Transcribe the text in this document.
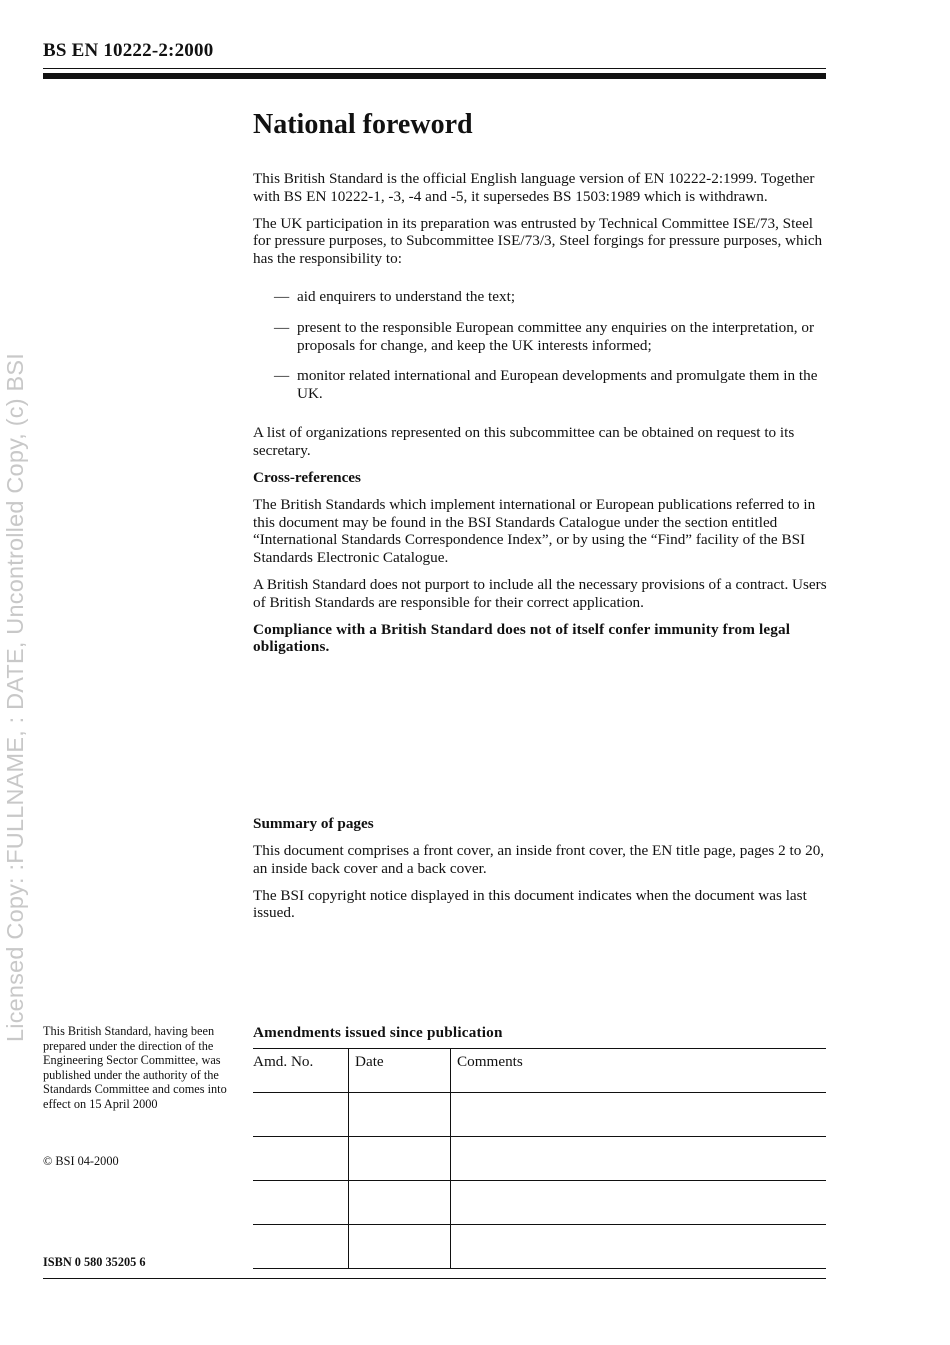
Licensed Copy: :FULLNAME, : DATE, Uncontrolled Copy, (c) BSI
BS EN 10222-2:2000
National foreword

This British Standard is the official English language version of EN 10222-2:1999. Together with BS EN 10222-1, -3, -4 and -5, it supersedes BS 1503:1989 which is withdrawn.

The UK participation in its preparation was entrusted by Technical Committee ISE/73, Steel for pressure purposes, to Subcommittee ISE/73/3, Steel forgings for pressure purposes, which has the responsibility to:

— aid enquirers to understand the text;
— present to the responsible European committee any enquiries on the interpretation, or proposals for change, and keep the UK interests informed;
— monitor related international and European developments and promulgate them in the UK.

A list of organizations represented on this subcommittee can be obtained on request to its secretary.

Cross-references

The British Standards which implement international or European publications referred to in this document may be found in the BSI Standards Catalogue under the section entitled “International Standards Correspondence Index”, or by using the “Find” facility of the BSI Standards Electronic Catalogue.

A British Standard does not purport to include all the necessary provisions of a contract. Users of British Standards are responsible for their correct application.

Compliance with a British Standard does not of itself confer immunity from legal obligations.

Summary of pages

This document comprises a front cover, an inside front cover, the EN title page, pages 2 to 20, an inside back cover and a back cover.

The BSI copyright notice displayed in this document indicates when the document was last issued.

This British Standard, having been prepared under the direction of the Engineering Sector Committee, was published under the authority of the Standards Committee and comes into effect on 15 April 2000
© BSI 04-2000
ISBN 0 580 35205 6
Amendments issued since publication
Amd. No.	Date	Comments
